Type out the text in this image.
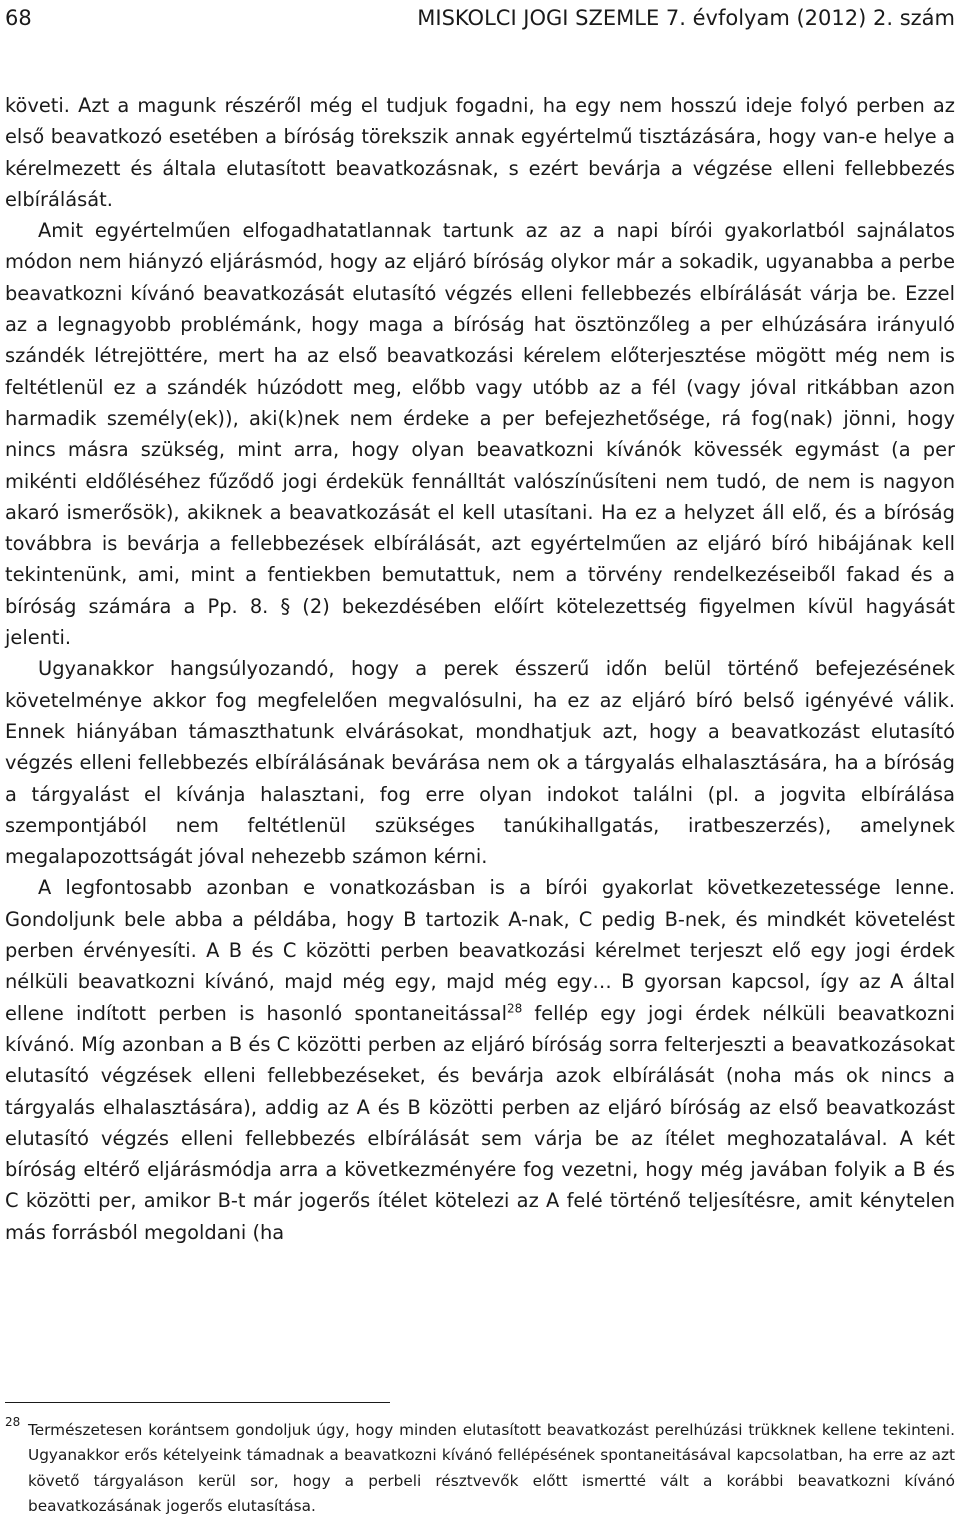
68	MISKOLCI JOGI SZEMLE 7. évfolyam (2012) 2. szám

követi. Azt a magunk részéről még el tudjuk fogadni, ha egy nem hosszú ideje folyó perben az első beavatkozó esetében a bíróság törekszik annak egyértelmű tisztázására, hogy van-e helye a kérelmezett és általa elutasított beavatkozásnak, s ezért bevárja a végzése elleni fellebbezés elbírálását.

Amit egyértelműen elfogadhatatlannak tartunk az az a napi bírói gyakorlatból sajnálatos módon nem hiányzó eljárásmód, hogy az eljáró bíróság olykor már a sokadik, ugyanabba a perbe beavatkozni kívánó beavatkozását elutasító végzés elleni fellebbezés elbírálását várja be. Ezzel az a legnagyobb problémánk, hogy maga a bíróság hat ösztönzőleg a per elhúzására irányuló szándék létrejöttére, mert ha az első beavatkozási kérelem előterjesztése mögött még nem is feltétlenül ez a szándék húzódott meg, előbb vagy utóbb az a fél (vagy jóval ritkábban azon harmadik személy(ek)), aki(k)nek nem érdeke a per befejezhetősége, rá fog(nak) jönni, hogy nincs másra szükség, mint arra, hogy olyan beavatkozni kívánók kövessék egymást (a per mikénti eldőléséhez fűződő jogi érdekük fennálltát valószínűsíteni nem tudó, de nem is nagyon akaró ismerősök), akiknek a beavatkozását el kell utasítani. Ha ez a helyzet áll elő, és a bíróság továbbra is bevárja a fellebbezések elbírálását, azt egyértelműen az eljáró bíró hibájának kell tekintenünk, ami, mint a fentiekben bemutattuk, nem a törvény rendelkezéseiből fakad és a bíróság számára a Pp. 8. § (2) bekezdésében előírt kötelezettség figyelmen kívül hagyását jelenti.

Ugyanakkor hangsúlyozandó, hogy a perek ésszerű időn belül történő befejezésének követelménye akkor fog megfelelően megvalósulni, ha ez az eljáró bíró belső igényévé válik. Ennek hiányában támaszthatunk elvárásokat, mondhatjuk azt, hogy a beavatkozást elutasító végzés elleni fellebbezés elbírálásának bevárása nem ok a tárgyalás elhalasztására, ha a bíróság a tárgyalást el kívánja halasztani, fog erre olyan indokot találni (pl. a jogvita elbírálása szempontjából nem feltétlenül szükséges tanúkihallgatás, iratbeszerzés), amelynek megalapozottságát jóval nehezebb számon kérni.

A legfontosabb azonban e vonatkozásban is a bírói gyakorlat következetessége lenne. Gondoljunk bele abba a példába, hogy B tartozik A-nak, C pedig B-nek, és mindkét követelést perben érvényesíti. A B és C közötti perben beavatkozási kérelmet terjeszt elő egy jogi érdek nélküli beavatkozni kívánó, majd még egy, majd még egy… B gyorsan kapcsol, így az A által ellene indított perben is hasonló spontaneitással$^{28}$ fellép egy jogi érdek nélküli beavatkozni kívánó. Míg azonban a B és C közötti perben az eljáró bíróság sorra felterjeszti a beavatkozásokat elutasító végzések elleni fellebbezéseket, és bevárja azok elbírálását (noha más ok nincs a tárgyalás elhalasztására), addig az A és B közötti perben az eljáró bíróság az első beavatkozást elutasító végzés elleni fellebbezés elbírálását sem várja be az ítélet meghozatalával. A két bíróság eltérő eljárásmódja arra a következményére fog vezetni, hogy még javában folyik a B és C közötti per, amikor B-t már jogerős ítélet kötelezi az A felé történő teljesítésre, amit kénytelen más forrásból megoldani (ha

28 Természetesen korántsem gondoljuk úgy, hogy minden elutasított beavatkozást perelhúzási trükknek kellene tekinteni. Ugyanakkor erős kételyeink támadnak a beavatkozni kívánó fellépésének spontaneitásával kapcsolatban, ha erre az azt követő tárgyaláson kerül sor, hogy a perbeli résztvevők előtt ismertté vált a korábbi beavatkozni kívánó beavatkozásának jogerős elutasítása.
